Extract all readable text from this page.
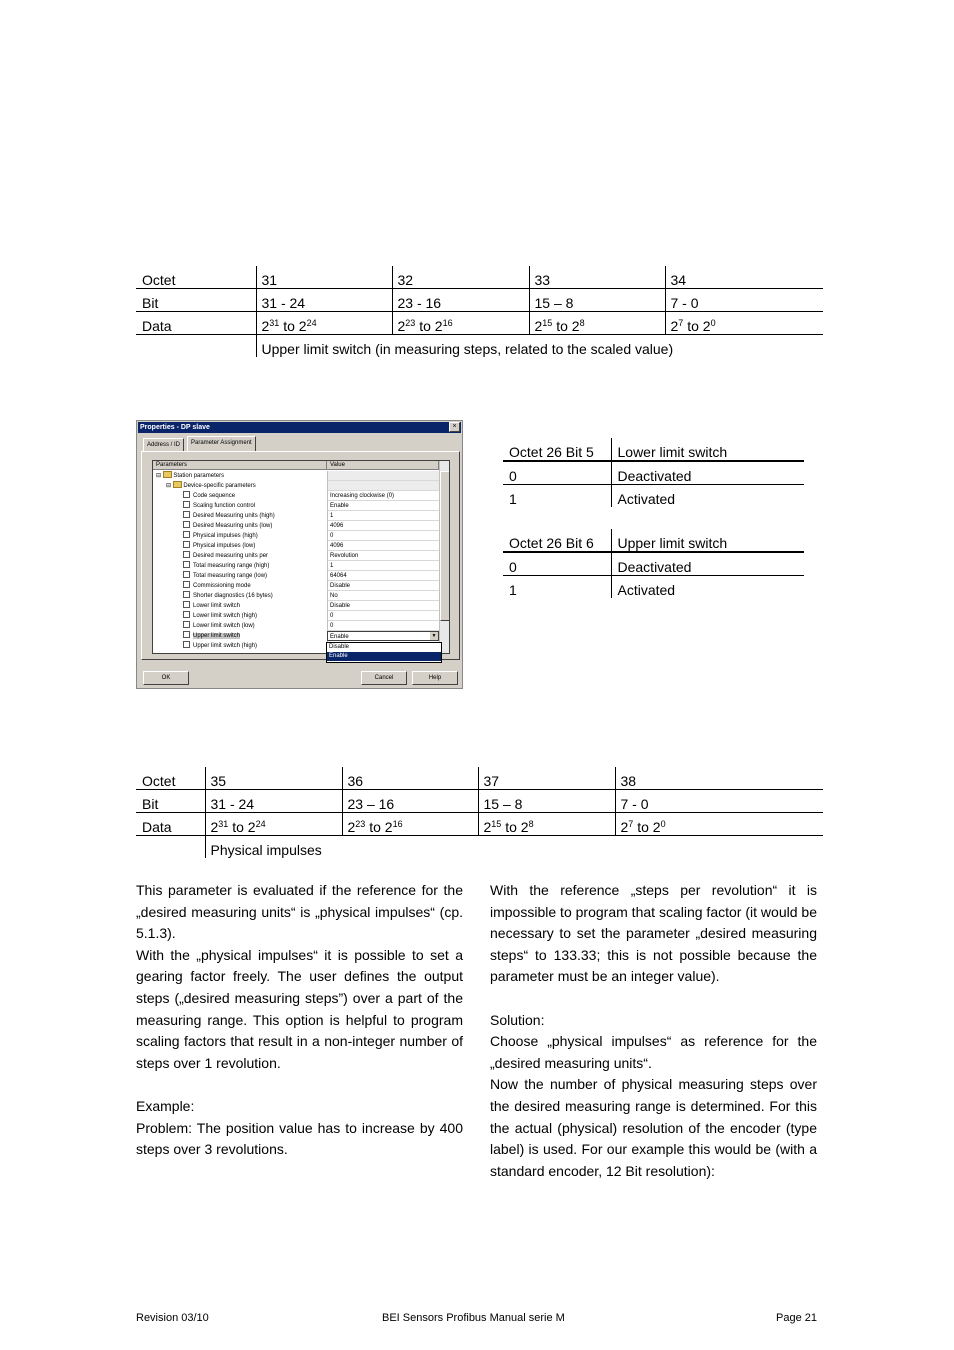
Octet	31	32	33	34
Bit	31 - 24	23 - 16	15 – 8	7 - 0
Data	$2^{31}$ to $2^{24}$	$2^{23}$ to $2^{16}$	$2^{15}$ to $2^8$	$2^7$ to $2^0$
	Upper limit switch (in measuring steps, related to the scaled value)			
Properties - DP slave	×
Address / ID	Parameter Assignment
Parameters	Value
⊟  Station parameters
⊟  Device-specific parameters
Code sequence	Increasing clockwise (0)
Scaling function control	Enable
Desired Measuring units (high)	1
Desired Measuring units (low)	4096
Physical impulses (high)	0
Physical impulses (low)	4096
Desired measuring units per	Revolution
Total measuring range (high)	1
Total measuring range (low)	64064
Commissioning mode	Disable
Shorter diagnostics (16 bytes)	No
Lower limit switch	Disable
Lower limit switch (high)	0
Lower limit switch (low)	0
Upper limit switch	Enable	▼
Upper limit switch (high)	Disable
Enable
OK	Cancel	Help
Octet 26 Bit 5	Lower limit switch
0	Deactivated
1	Activated
Octet 26 Bit 6	Upper limit switch
0	Deactivated
1	Activated
Octet	35	36	37	38
Bit	31 - 24	23 – 16	15 – 8	7 - 0
Data	$2^{31}$ to $2^{24}$	$2^{23}$ to $2^{16}$	$2^{15}$ to $2^8$	$2^7$ to $2^0$
	Physical impulses			

This parameter is evaluated if the reference for the „desired measuring units“ is „physical impulses“ (cp. 5.1.3).

With the „physical impulses“ it is possible to set a gearing factor freely. The user defines the output steps („desired measuring steps”) over a part of the measuring range. This option is helpful to program scaling factors that result in a non-integer number of steps over 1 revolution.

Example:

Problem: The position value has to increase by 400 steps over 3 revolutions.

With the reference „steps per revolution“ it is impossible to program that scaling factor (it would be necessary to set the parameter „desired measuring steps“ to 133.33; this is not possible because the parameter must be an integer value).

Solution:

Choose „physical impulses“ as reference for the „desired measuring units“.

Now the number of physical measuring steps over the desired measuring range is determined. For this the actual (physical) resolution of the encoder (type label) is used. For our example this would be (with a standard encoder, 12 Bit resolution):

Revision 03/10	BEI Sensors Profibus Manual serie M	Page 21
